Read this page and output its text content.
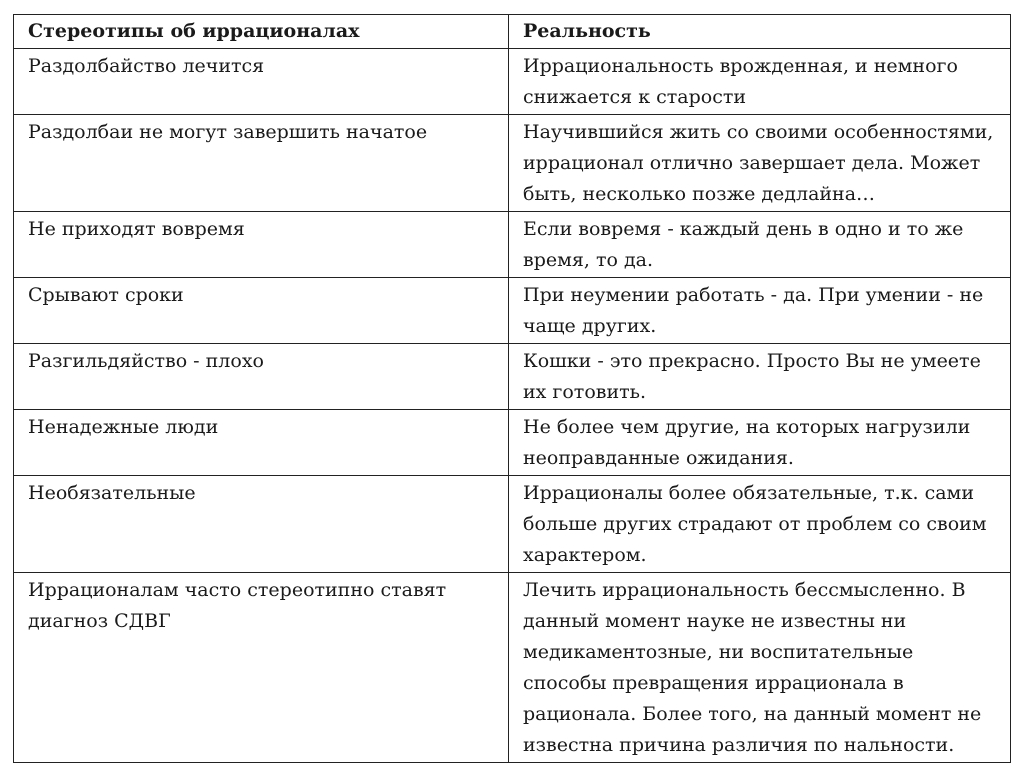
Стереотипы об иррационалах	Реальность
Раздолбайство лечится	Иррациональность врожденная, и немного снижается к старости
Раздолбаи не могут завершить начатое	Научившийся жить со своими особенностями, иррационал отлично завершает дела. Может быть, несколько позже дедлайна…
Не приходят вовремя	Если вовремя - каждый день в одно и то же время, то да.
Срывают сроки	При неумении работать - да. При умении - не чаще других.
Разгильдяйство - плохо	Кошки - это прекрасно. Просто Вы не умеете их готовить.
Ненадежные люди	Не более чем другие, на которых нагрузили неоправданные ожидания.
Необязательные	Иррационалы более обязательные, т.к. сами больше других страдают от проблем со своим характером.
Иррационалам часто стереотипно ставят диагноз СДВГ	Лечить иррациональность бессмысленно. В данный момент науке не известны ни медикаментозные, ни воспитательные способы превращения иррационала в рационала. Более того, на данный момент не известна причина различия по нальности.
